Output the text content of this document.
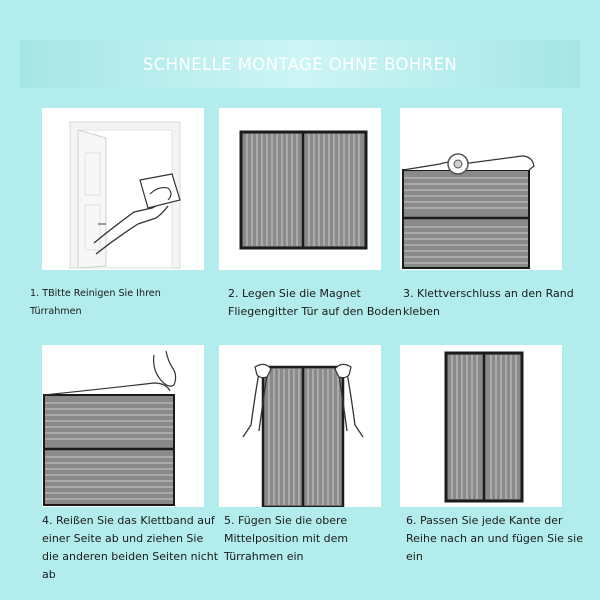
SCHNELLE MONTAGE OHNE BOHREN
1. TBitte Reinigen Sie Ihren Türrahmen
2. Legen Sie die Magnet Fliegengitter Tür auf den Boden
3. Klettverschluss an den Rand kleben
4. Reißen Sie das Klettband auf einer Seite ab und ziehen Sie die anderen beiden Seiten nicht ab
5. Fügen Sie die obere Mittelposition mit dem Türrahmen ein
6. Passen Sie jede Kante der Reihe nach an und fügen Sie sie ein
